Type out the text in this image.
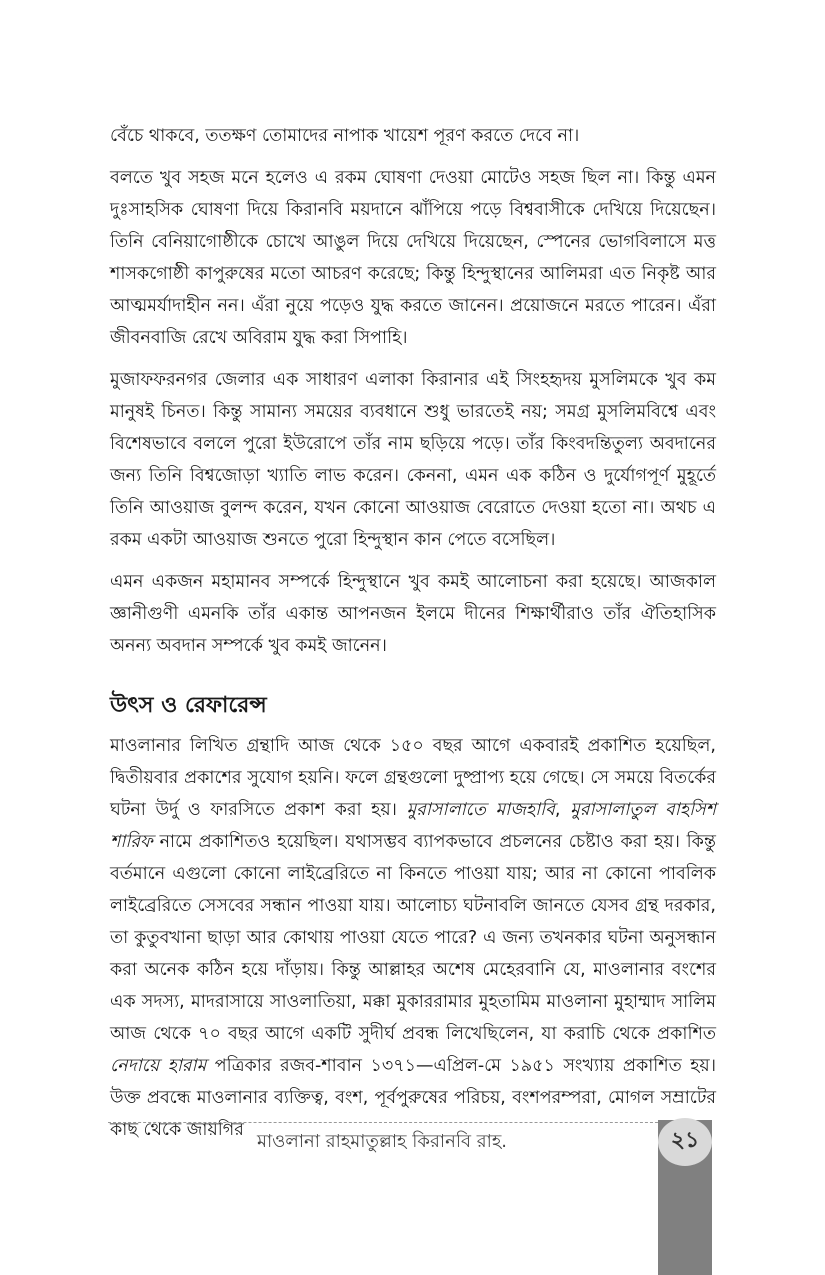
বেঁচে থাকবে, ততক্ষণ তোমাদের নাপাক খায়েশ পূরণ করতে দেবে না।

বলতে খুব সহজ মনে হলেও এ রকম ঘোষণা দেওয়া মোটেও সহজ ছিল না। কিন্তু এমন দুঃসাহসিক ঘোষণা দিয়ে কিরানবি ময়দানে ঝাঁপিয়ে পড়ে বিশ্ববাসীকে দেখিয়ে দিয়েছেন। তিনি বেনিয়াগোষ্ঠীকে চোখে আঙুল দিয়ে দেখিয়ে দিয়েছেন, স্পেনের ভোগবিলাসে মত্ত শাসকগোষ্ঠী কাপুরুষের মতো আচরণ করেছে; কিন্তু হিন্দুস্থানের আলিমরা এত নিকৃষ্ট আর আত্মমর্যাদাহীন নন। এঁরা নুয়ে পড়েও যুদ্ধ করতে জানেন। প্রয়োজনে মরতে পারেন। এঁরা জীবনবাজি রেখে অবিরাম যুদ্ধ করা সিপাহি।

মুজাফফরনগর জেলার এক সাধারণ এলাকা কিরানার এই সিংহহৃদয় মুসলিমকে খুব কম মানুষই চিনত। কিন্তু সামান্য সময়ের ব্যবধানে শুধু ভারতেই নয়; সমগ্র মুসলিমবিশ্বে এবং বিশেষভাবে বললে পুরো ইউরোপে তাঁর নাম ছড়িয়ে পড়ে। তাঁর কিংবদন্তিতুল্য অবদানের জন্য তিনি বিশ্বজোড়া খ্যাতি লাভ করেন। কেননা, এমন এক কঠিন ও দুর্যোগপূর্ণ মুহূর্তে তিনি আওয়াজ বুলন্দ করেন, যখন কোনো আওয়াজ বেরোতে দেওয়া হতো না। অথচ এ রকম একটা আওয়াজ শুনতে পুরো হিন্দুস্থান কান পেতে বসেছিল।

এমন একজন মহামানব সম্পর্কে হিন্দুস্থানে খুব কমই আলোচনা করা হয়েছে। আজকাল জ্ঞানীগুণী এমনকি তাঁর একান্ত আপনজন ইলমে দীনের শিক্ষার্থীরাও তাঁর ঐতিহাসিক অনন্য অবদান সম্পর্কে খুব কমই জানেন।

উৎস ও রেফারেন্স

মাওলানার লিখিত গ্রন্থাদি আজ থেকে ১৫০ বছর আগে একবারই প্রকাশিত হয়েছিল, দ্বিতীয়বার প্রকাশের সুযোগ হয়নি। ফলে গ্রন্থগুলো দুষ্প্রাপ্য হয়ে গেছে। সে সময়ে বিতর্কের ঘটনা উর্দু ও ফারসিতে প্রকাশ করা হয়। মুরাসালাতে মাজহাবি, মুরাসালাতুল বাহসিশ শারিফ নামে প্রকাশিতও হয়েছিল। যথাসম্ভব ব্যাপকভাবে প্রচলনের চেষ্টাও করা হয়। কিন্তু বর্তমানে এগুলো কোনো লাইব্রেরিতে না কিনতে পাওয়া যায়; আর না কোনো পাবলিক লাইব্রেরিতে সেসবের সন্ধান পাওয়া যায়। আলোচ্য ঘটনাবলি জানতে যেসব গ্রন্থ দরকার, তা কুতুবখানা ছাড়া আর কোথায় পাওয়া যেতে পারে? এ জন্য তখনকার ঘটনা অনুসন্ধান করা অনেক কঠিন হয়ে দাঁড়ায়। কিন্তু আল্লাহর অশেষ মেহেরবানি যে, মাওলানার বংশের এক সদস্য, মাদরাসায়ে সাওলাতিয়া, মক্কা মুকাররামার মুহতামিম মাওলানা মুহাম্মাদ সালিম আজ থেকে ৭০ বছর আগে একটি সুদীর্ঘ প্রবন্ধ লিখেছিলেন, যা করাচি থেকে প্রকাশিত নেদায়ে হারাম পত্রিকার রজব-শাবান ১৩৭১—এপ্রিল-মে ১৯৫১ সংখ্যায় প্রকাশিত হয়। উক্ত প্রবন্ধে মাওলানার ব্যক্তিত্ব, বংশ, পূর্বপুরুষের পরিচয়, বংশপরম্পরা, মোগল সম্রাটের কাছ থেকে জায়গির

মাওলানা রাহমাতুল্লাহ কিরানবি রাহ.	২১
